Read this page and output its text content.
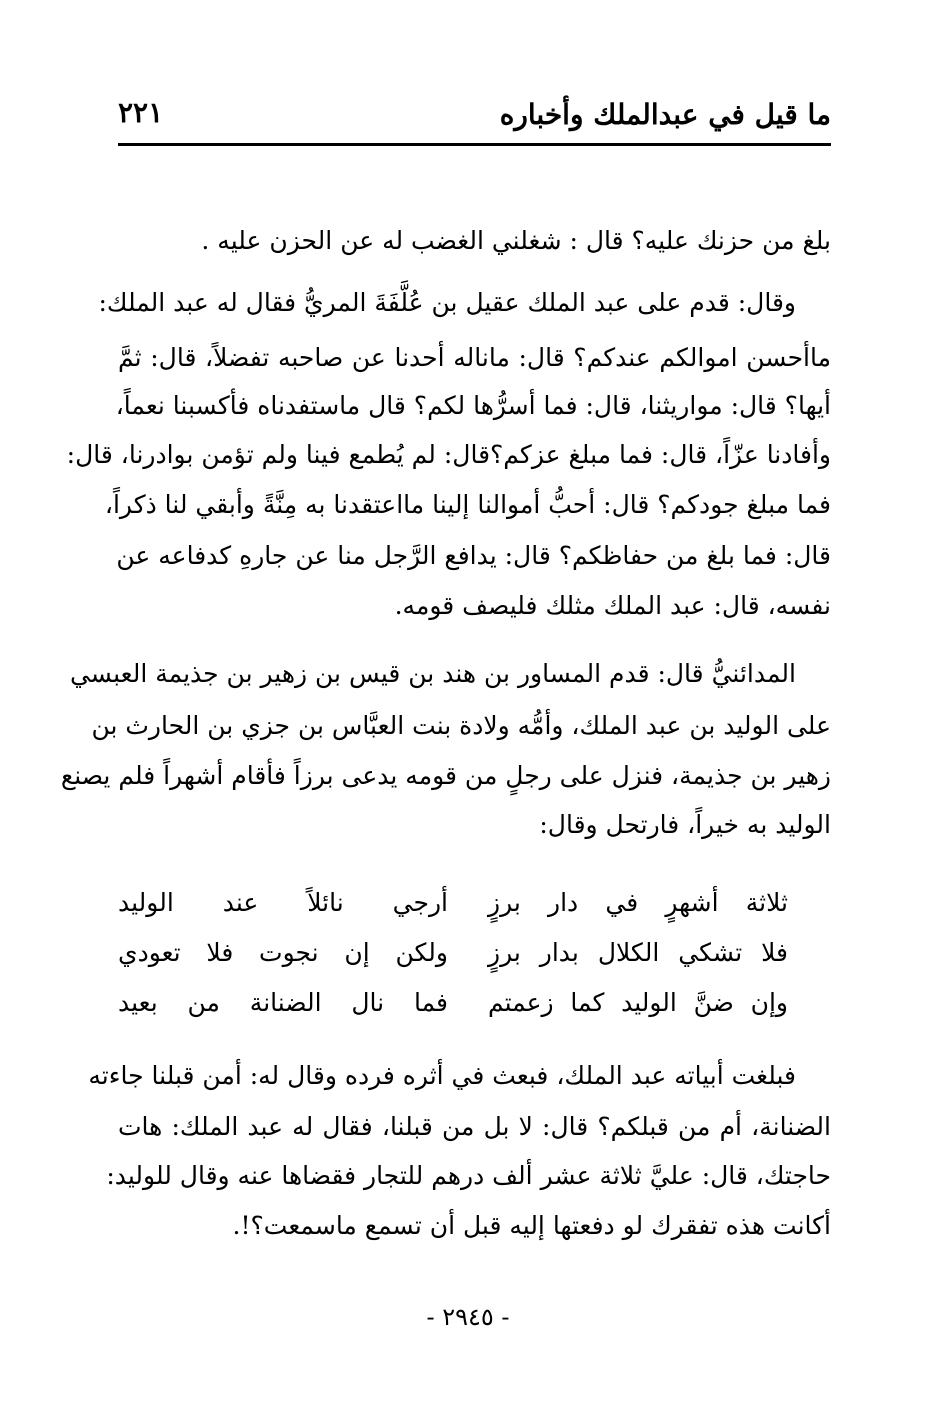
ما قيل في عبدالملك وأخباره
٢٢١
بلغ من حزنك عليه؟ قال : شغلني الغضب له عن الحزن عليه .
وقال: قدم على عبد الملك عقيل بن عُلَّفَةَ المريُّ فقال له عبد الملك:
ماأحسن اموالكم عندكم؟ قال: ماناله أحدنا عن صاحبه تفضلاً، قال: ثمَّ
أيها؟ قال: مواريثنا، قال: فما أسرُّها لكم؟ قال ماستفدناه فأكسبنا نعماً،
وأفادنا عزّاً، قال: فما مبلغ عزكم؟قال: لم يُطمع فينا ولم تؤمن بوادرنا، قال:
فما مبلغ جودكم؟ قال: أحبُّ أموالنا إلينا مااعتقدنا به مِنَّةً وأبقي لنا ذكراً،
قال: فما بلغ من حفاظكم؟ قال: يدافع الرَّجل منا عن جارهِ كدفاعه عن
نفسه، قال: عبد الملك مثلك فليصف قومه.
المدائنيُّ قال: قدم المساور بن هند بن قيس بن زهير بن جذيمة العبسي
على الوليد بن عبد الملك، وأمُّه ولادة بنت العبَّاس بن جزي بن الحارث بن
زهير بن جذيمة، فنزل على رجلٍ من قومه يدعى برزاً فأقام أشهراً فلم يصنع
الوليد به خيراً، فارتحل وقال:
ثلاثة أشهرٍ في دار برزٍ
أرجي نائلاً عند الوليد
فلا تشكي الكلال بدار برزٍ
ولكن إن نجوت فلا تعودي
وإن ضنَّ الوليد كما زعمتم
فما نال الضنانة من بعيد
فبلغت أبياته عبد الملك، فبعث في أثره فرده وقال له: أمن قبلنا جاءته
الضنانة، أم من قبلكم؟ قال: لا بل من قبلنا، فقال له عبد الملك: هات
حاجتك، قال: عليَّ ثلاثة عشر ألف درهم للتجار فقضاها عنه وقال للوليد:
أكانت هذه تفقرك لو دفعتها إليه قبل أن تسمع ماسمعت؟!.
- ٢٩٤٥ -
